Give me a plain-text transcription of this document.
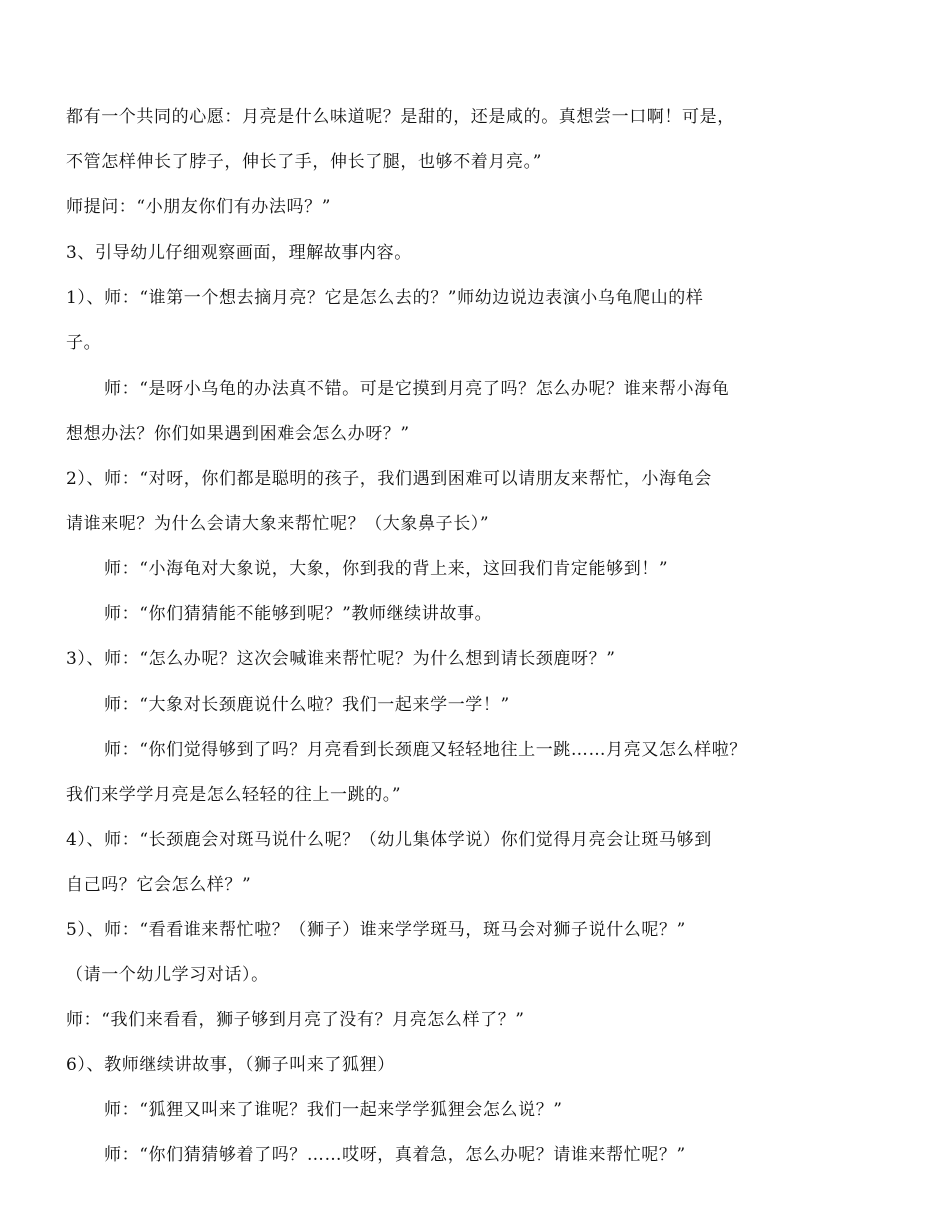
都有一个共同的心愿：月亮是什么味道呢？是甜的，还是咸的。真想尝一口啊！可是，
不管怎样伸长了脖子，伸长了手，伸长了腿，也够不着月亮。”
师提问：“小朋友你们有办法吗？”
3、引导幼儿仔细观察画面，理解故事内容。
1）、师：“谁第一个想去摘月亮？它是怎么去的？”师幼边说边表演小乌龟爬山的样
子。
师：“是呀小乌龟的办法真不错。可是它摸到月亮了吗？怎么办呢？谁来帮小海龟
想想办法？你们如果遇到困难会怎么办呀？”
2）、师：“对呀，你们都是聪明的孩子，我们遇到困难可以请朋友来帮忙，小海龟会
请谁来呢？为什么会请大象来帮忙呢？（大象鼻子长）”
师：“小海龟对大象说，大象，你到我的背上来，这回我们肯定能够到！”
师：“你们猜猜能不能够到呢？”教师继续讲故事。
3）、师：“怎么办呢？这次会喊谁来帮忙呢？为什么想到请长颈鹿呀？”
师：“大象对长颈鹿说什么啦？我们一起来学一学！”
师：“你们觉得够到了吗？月亮看到长颈鹿又轻轻地往上一跳……月亮又怎么样啦？
我们来学学月亮是怎么轻轻的往上一跳的。”
4）、师：“长颈鹿会对斑马说什么呢？（幼儿集体学说）你们觉得月亮会让斑马够到
自己吗？它会怎么样？”
5）、师：“看看谁来帮忙啦？（狮子）谁来学学斑马，斑马会对狮子说什么呢？”
（请一个幼儿学习对话）。
师：“我们来看看，狮子够到月亮了没有？月亮怎么样了？”
6）、教师继续讲故事，（狮子叫来了狐狸）
师：“狐狸又叫来了谁呢？我们一起来学学狐狸会怎么说？”
师：“你们猜猜够着了吗？……哎呀，真着急，怎么办呢？请谁来帮忙呢？”
